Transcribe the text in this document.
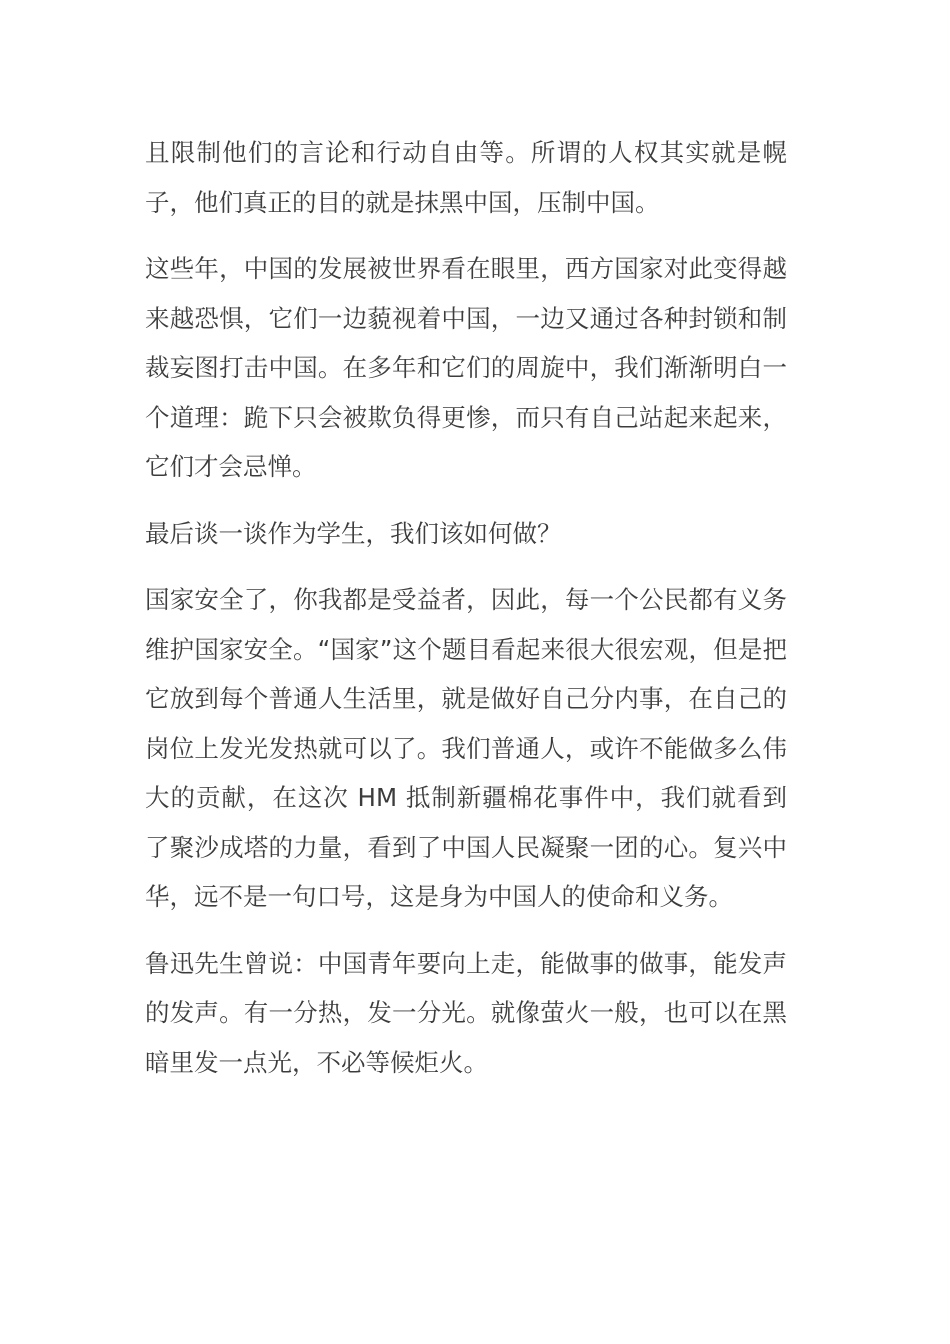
且限制他们的言论和行动自由等。所谓的人权其实就是幌子，他们真正的目的就是抹黑中国，压制中国。

这些年，中国的发展被世界看在眼里，西方国家对此变得越来越恐惧，它们一边藐视着中国，一边又通过各种封锁和制裁妄图打击中国。在多年和它们的周旋中，我们渐渐明白一个道理：跪下只会被欺负得更惨，而只有自己站起来起来，它们才会忌惮。

最后谈一谈作为学生，我们该如何做？

国家安全了，你我都是受益者，因此，每一个公民都有义务维护国家安全。“国家”这个题目看起来很大很宏观，但是把它放到每个普通人生活里，就是做好自己分内事，在自己的岗位上发光发热就可以了。我们普通人，或许不能做多么伟大的贡献，在这次 HM 抵制新疆棉花事件中，我们就看到了聚沙成塔的力量，看到了中国人民凝聚一团的心。复兴中华，远不是一句口号，这是身为中国人的使命和义务。

鲁迅先生曾说：中国青年要向上走，能做事的做事，能发声的发声。有一分热，发一分光。就像萤火一般，也可以在黑暗里发一点光，不必等候炬火。
